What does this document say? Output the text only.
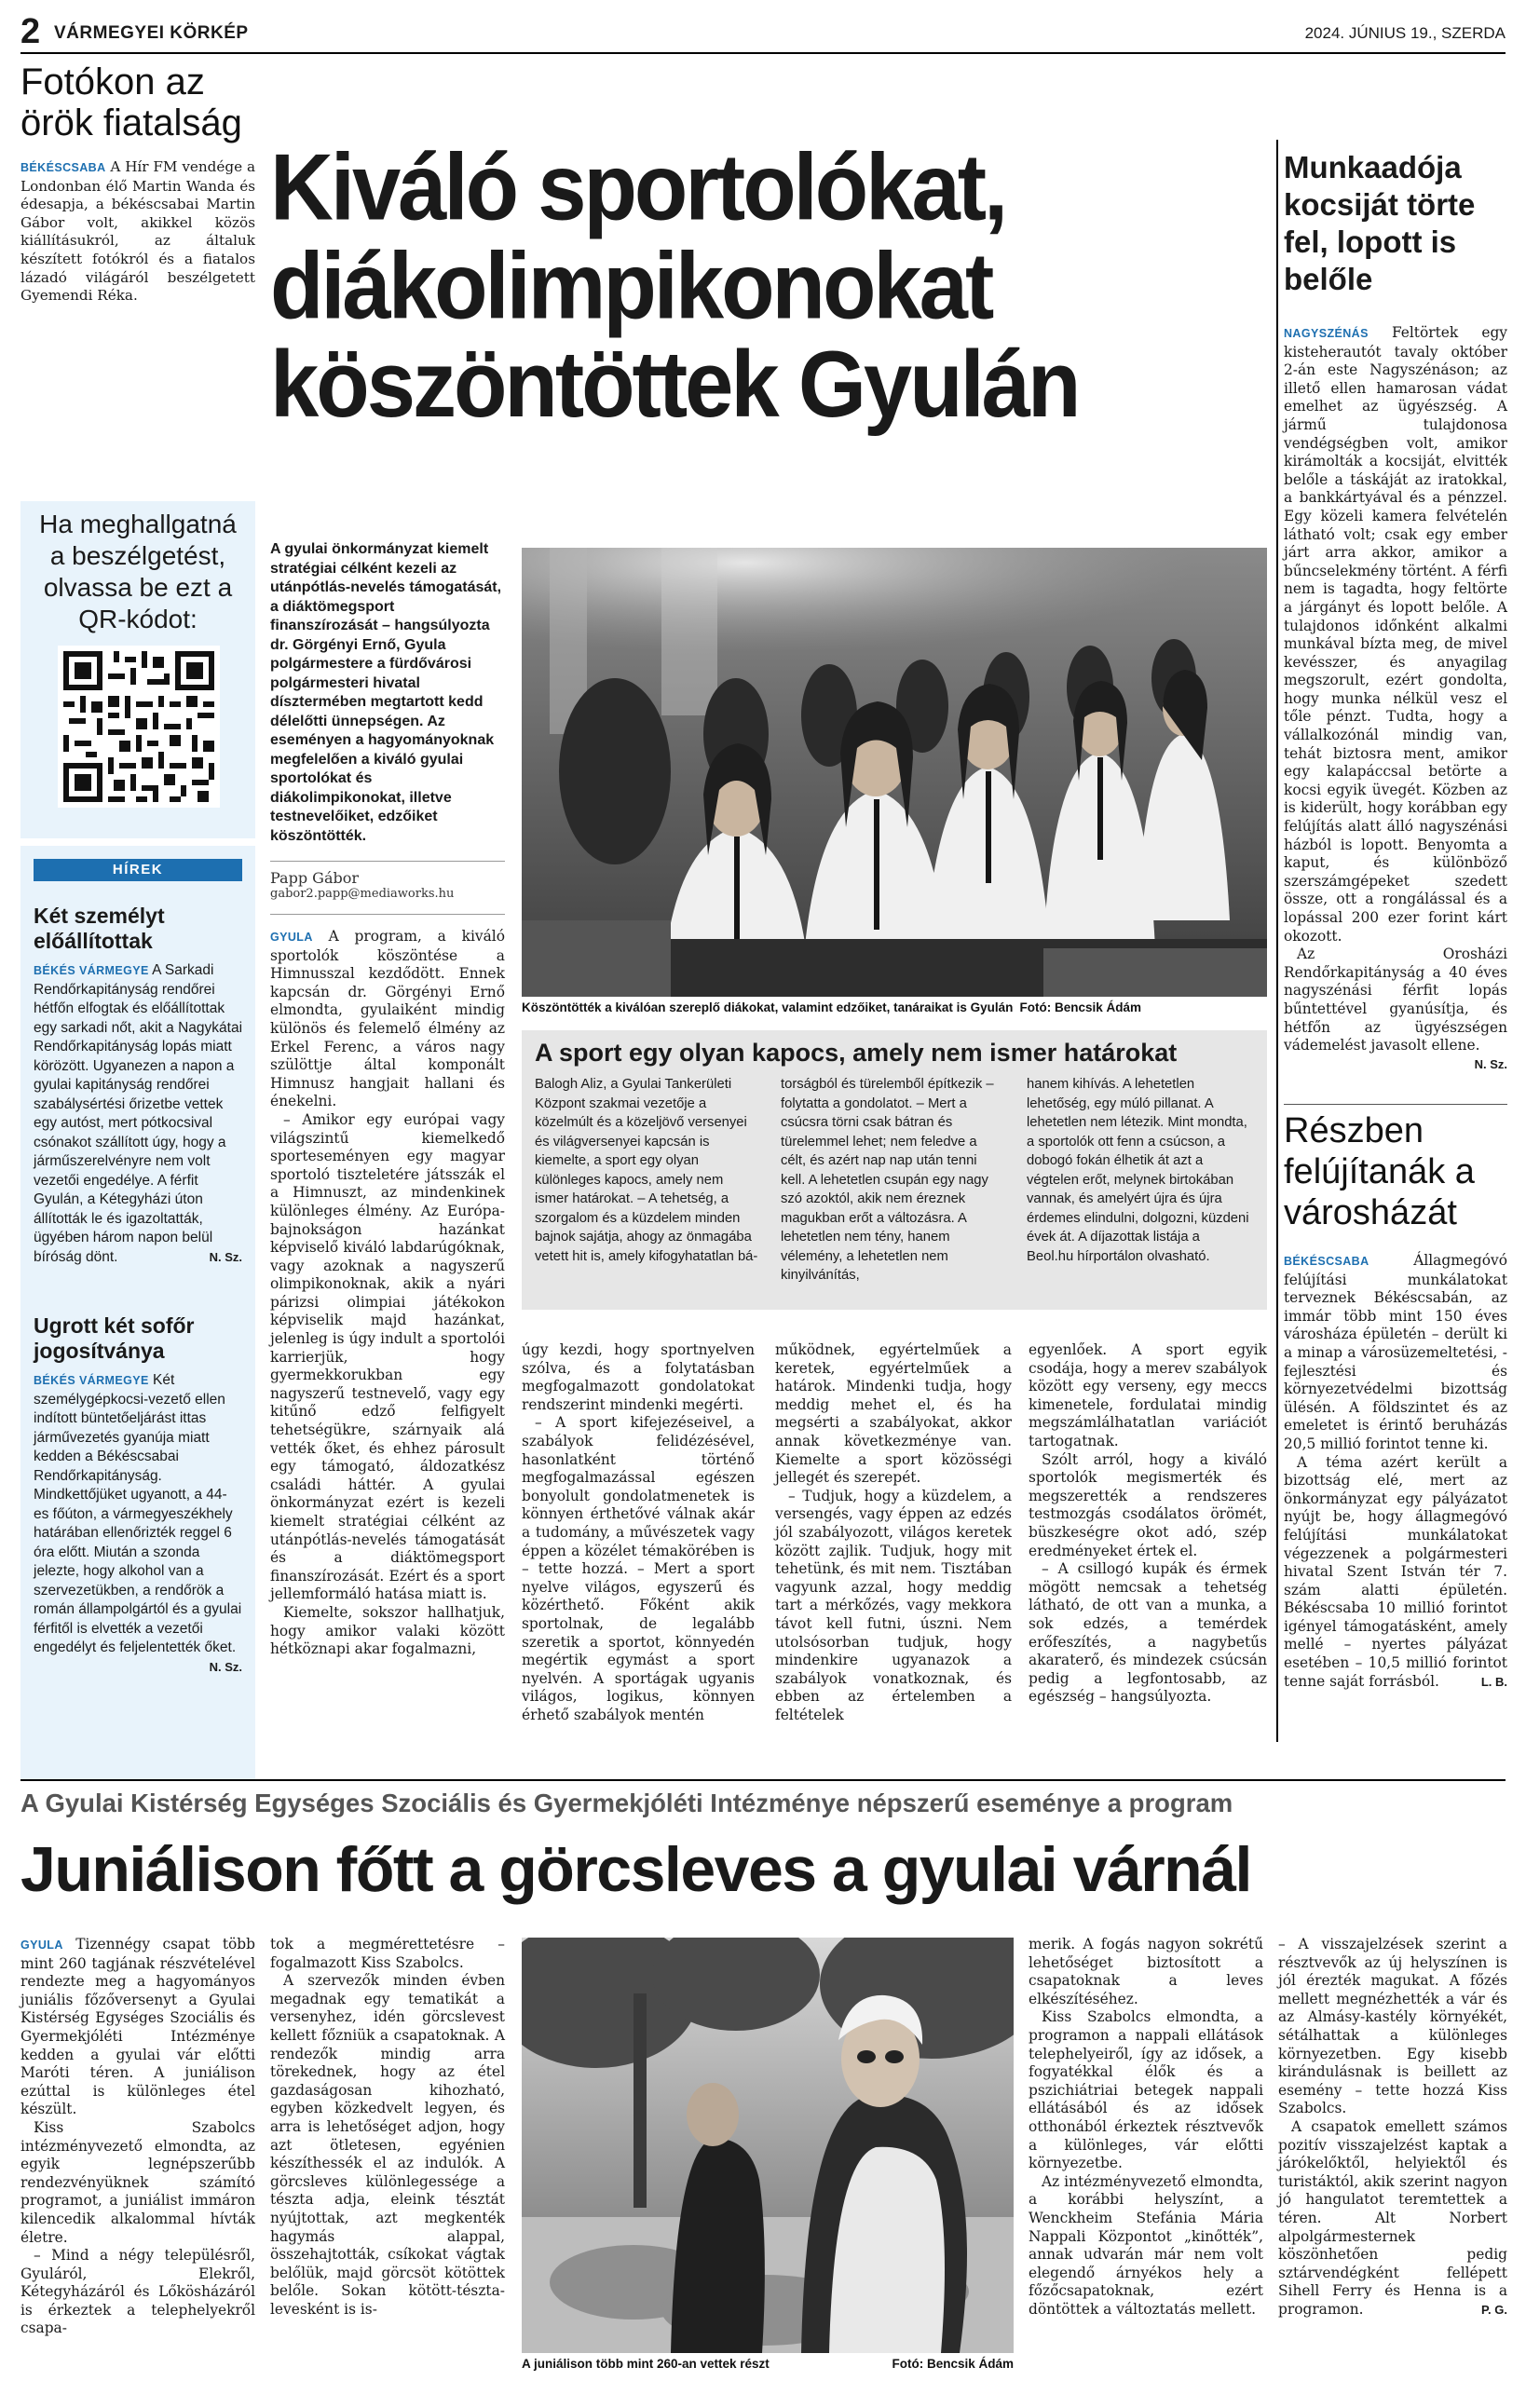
2 VÁRMEGYEI KÖRKÉP	2024. JÚNIUS 19., SZERDA
Fotókon az örök fiatalság

BÉKÉSCSABA A Hír FM vendége a Londonban élő Martin Wanda és édesapja, a békéscsabai Martin Gábor volt, akikkel közös kiállításukról, az általuk készített fotókról és a fiatalos lázadó világáról beszélgetett Gyemendi Réka.

Ha meghallgatná a beszélgetést, olvassa be ezt a QR-kódot:
HÍREK
Két személyt előállítottak

BÉKÉS VÁRMEGYE A Sarkadi Rendőrkapitányság rendőrei hétfőn elfogtak és előállítottak egy sarkadi nőt, akit a Nagykátai Rendőrkapitányság lopás miatt körözött. Ugyanezen a napon a gyulai kapitányság rendőrei szabálysértési őrizetbe vettek egy autóst, mert pótkocsival csónakot szállított úgy, hogy a járműszerelvényre nem volt vezetői engedélye. A férfit Gyulán, a Kétegyházi úton állították le és igazoltatták, ügyében három napon belül bíróság dönt.	N. Sz.

Ugrott két sofőr jogosítványa

BÉKÉS VÁRMEGYE Két személygépkocsi-vezető ellen indított büntetőeljárást ittas járművezetés gyanúja miatt kedden a Békéscsabai Rendőrkapitányság. Mindkettőjüket ugyanott, a 44-es főúton, a vármegyeszékhely határában ellenőrizték reggel 6 óra előtt. Miután a szonda jelezte, hogy alkohol van a szervezetükben, a rendőrök a román állampolgártól és a gyulai férfitől is elvették a vezetői engedélyt és feljelentették őket.
N. Sz.

Kiváló sportolókat, diákolimpikonokat köszöntöttek Gyulán

A gyulai önkormányzat kiemelt stratégiai célként kezeli az utánpótlás-nevelés támogatását, a diáktömegsport finanszírozását – hangsúlyozta dr. Görgényi Ernő, Gyula polgármestere a fürdővárosi polgármesteri hivatal dísztermében megtartott kedd délelőtti ünnepségen. Az eseményen a hagyományoknak megfelelően a kiváló gyulai sportolókat és diákolimpikonokat, illetve testnevelőiket, edzőiket köszöntötték.

Papp Gábor
gabor2.papp@mediaworks.hu

GYULA A program, a kiváló sportolók köszöntése a Himnusszal kezdődött. Ennek kapcsán dr. Görgényi Ernő elmondta, gyulaiként mindig különös és felemelő élmény az Erkel Ferenc, a város nagy szülöttje által komponált Himnusz hangjait hallani és énekelni.

– Amikor egy európai vagy világszintű kiemelkedő sporteseményen egy magyar sportoló tiszteletére játsszák el a Himnuszt, az mindenkinek különleges élmény. Az Európa-bajnokságon hazánkat képviselő kiváló labdarúgóknak, vagy azoknak a nagyszerű olimpikonoknak, akik a nyári párizsi olimpiai játékokon képviselik majd hazánkat, jelenleg is úgy indult a sportolói karrierjük, hogy gyermekkorukban egy nagyszerű testnevelő, vagy egy kitűnő edző felfigyelt tehetségükre, szárnyaik alá vették őket, és ehhez párosult egy támogató, áldozatkész családi háttér. A gyulai önkormányzat ezért is kezeli kiemelt stratégiai célként az utánpótlás-nevelés támogatását és a diáktömegsport finanszírozását. Ezért és a sport jellemformáló hatása miatt is.

Kiemelte, sokszor hallhatjuk, hogy amikor valaki között hétköznapi akar fogalmazni,

Köszöntötték a kiválóan szereplő diákokat, valamint edzőiket, tanáraikat is Gyulán Fotó: Bencsik Ádám
A sport egy olyan kapocs, amely nem ismer határokat

Balogh Aliz, a Gyulai Tankerületi Központ szakmai vezetője a közelmúlt és a közeljövő versenyei és világversenyei kapcsán is kiemelte, a sport egy olyan különleges kapocs, amely nem ismer határokat. – A tehetség, a szorgalom és a küzdelem minden bajnok sajátja, ahogy az önmagába vetett hit is, amely kifogyhatatlan bá-

torságból és türelemből építkezik – folytatta a gondolatot. – Mert a csúcsra törni csak bátran és türelemmel lehet; nem feledve a célt, és azért nap nap után tenni kell. A lehetetlen csupán egy nagy szó azoktól, akik nem éreznek magukban erőt a változásra. A lehetetlen nem tény, hanem vélemény, a lehetetlen nem kinyilvánítás,

hanem kihívás. A lehetetlen lehetőség, egy múló pillanat. A lehetetlen nem létezik. Mint mondta, a sportolók ott fenn a csúcson, a dobogó fokán élhetik át azt a végtelen erőt, melynek birtokában vannak, és amelyért újra és újra érdemes elindulni, dolgozni, küzdeni évek át. A díjazottak listája a Beol.hu hírportálon olvasható.

úgy kezdi, hogy sportnyelven szólva, és a folytatásban megfogalmazott gondolatokat rendszerint mindenki megérti.

– A sport kifejezéseivel, a szabályok felidézésével, hasonlatként történő megfogalmazással egészen bonyolult gondolatmenetek is könnyen érthetővé válnak akár a tudomány, a művészetek vagy éppen a közélet témakörében is – tette hozzá. – Mert a sport nyelve világos, egyszerű és közérthető. Főként akik sportolnak, de legalább szeretik a sportot, könnyedén megértik egymást a sport nyelvén. A sportágak ugyanis világos, logikus, könnyen érhető szabályok mentén

működnek, egyértelműek a keretek, egyértelműek a határok. Mindenki tudja, hogy meddig mehet el, és ha megsérti a szabályokat, akkor annak következménye van. Kiemelte a sport közösségi jellegét és szerepét.

– Tudjuk, hogy a küzdelem, a versengés, vagy éppen az edzés jól szabályozott, világos keretek között zajlik. Tudjuk, hogy mit tehetünk, és mit nem. Tisztában vagyunk azzal, hogy meddig tart a mérkőzés, vagy mekkora távot kell futni, úszni. Nem utolsósorban tudjuk, hogy mindenkire ugyanazok a szabályok vonatkoznak, és ebben az értelemben a feltételek

egyenlőek. A sport egyik csodája, hogy a merev szabályok között egy verseny, egy meccs kimenetele, fordulatai mindig megszámlálhatatlan variációt tartogatnak.

Szólt arról, hogy a kiváló sportolók megismerték és megszerették a rendszeres testmozgás csodálatos örömét, büszkeségre okot adó, szép eredményeket értek el.

– A csillogó kupák és érmek mögött nemcsak a tehetség látható, de ott van a munka, a sok edzés, a temérdek erőfeszítés, a nagybetűs akaraterő, és mindezek csúcsán pedig a legfontosabb, az egészség – hangsúlyozta.

Munkaadója kocsiját törte fel, lopott is belőle

NAGYSZÉNÁS Feltörtek egy kisteherautót tavaly október 2-án este Nagyszénáson; az illető ellen hamarosan vádat emelhet az ügyészség. A jármű tulajdonosa vendégségben volt, amikor kirámolták a kocsiját, elvitték belőle a táskáját az iratokkal, a bankkártyával és a pénzzel. Egy közeli kamera felvételén látható volt; csak egy ember járt arra akkor, amikor a bűncselekmény történt. A férfi nem is tagadta, hogy feltörte a járgányt és lopott belőle. A tulajdonos időnként alkalmi munkával bízta meg, de mivel kevésszer, és anyagilag megszorult, ezért gondolta, hogy munka nélkül vesz el tőle pénzt. Tudta, hogy a vállalkozónál mindig van, tehát biztosra ment, amikor egy kalapáccsal betörte a kocsi egyik üvegét. Közben az is kiderült, hogy korábban egy felújítás alatt álló nagyszénási házból is lopott. Benyomta a kaput, és különböző szerszámgépeket szedett össze, ott a rongálással és a lopással 200 ezer forint kárt okozott.

Az Orosházi Rendőrkapitányság a 40 éves nagyszénási férfit lopás bűntettével gyanúsítja, és hétfőn az ügyészségen vádemelést javasolt ellene.
N. Sz.

Részben felújítanák a városházát

BÉKÉSCSABA	Állagmegóvó felújítási munkálatokat terveznek Békéscsabán, az immár több mint 150 éves városháza épületén – derült ki a minap a városüzemeltetési, -fejlesztési és környezetvédelmi bizottság ülésén. A földszintet és az emeletet is érintő beruházás 20,5 millió forintot tenne ki.

A téma azért került a bizottság elé, mert az önkormányzat egy pályázatot nyújt be, hogy állagmegóvó felújítási munkálatokat végezzenek a polgármesteri hivatal Szent István tér 7. szám alatti épületén. Békéscsaba 10 millió forintot igényel támogatásként, amely mellé – nyertes pályázat esetében – 10,5 millió forintot tenne saját forrásból.	L. B.

A Gyulai Kistérség Egységes Szociális és Gyermekjóléti Intézménye népszerű eseménye a program
Juniálison főtt a görcsleves a gyulai várnál

GYULA Tizennégy csapat több mint 260 tagjának részvételével rendezte meg a hagyományos juniális főzőversenyt a Gyulai Kistérség Egységes Szociális és Gyermekjóléti Intézménye kedden a gyulai vár előtti Maróti téren. A juniálison ezúttal is különleges étel készült.

Kiss Szabolcs intézményvezető elmondta, az egyik legnépszerűbb rendezvényüknek számító programot, a juniálist immáron kilencedik alkalommal hívták életre.

– Mind a négy településről, Gyuláról, Elekről, Kétegyházáról és Lőkösházáról is érkeztek a telephelyekről csapa-

tok a megmérettetésre – fogalmazott Kiss Szabolcs.

A szervezők minden évben megadnak egy tematikát a versenyhez, idén görcslevest kellett főzniük a csapatoknak. A rendezők mindig arra törekednek, hogy az étel gazdaságosan kihozható, egyben közkedvelt legyen, és arra is lehetőséget adjon, hogy azt ötletesen, egyénien készíthessék el az indulók. A görcsleves különlegessége a tészta adja, eleink tésztát nyújtottak, azt megkenték hagymás alappal, összehajtották, csíkokat vágtak belőlük, majd görcsöt kötöttek belőle. Sokan kötött-tészta-levesként is is-

A juniálison több mint 260-an vettek részt	Fotó: Bencsik Ádám

merik. A fogás nagyon sokrétű lehetőséget biztosított a csapatoknak a leves elkészítéséhez.

Kiss Szabolcs elmondta, a programon a nappali ellátások telephelyeiről, így az idősek, a fogyatékkal élők és a pszichiátriai betegek nappali ellátásából és az idősek otthonából érkeztek résztvevők a különleges, vár előtti környezetbe.

Az intézményvezető elmondta, a korábbi helyszínt, a Wenckheim Stefánia Mária Nappali Központot „kinőtték”, annak udvarán már nem volt elegendő árnyékos hely a főzőcsapatoknak, ezért döntöttek a változtatás mellett.

– A visszajelzések szerint a résztvevők az új helyszínen is jól érezték magukat. A főzés mellett megnézhették a vár és az Almásy-kastély környékét, sétálhattak a különleges környezetben. Egy kisebb kirándulásnak is beillett az esemény – tette hozzá Kiss Szabolcs.

A csapatok emellett számos pozitív visszajelzést kaptak a járókelőktől, helyiektől és turistáktól, akik szerint nagyon jó hangulatot teremtettek a téren. Alt Norbert alpolgármesternek köszönhetően pedig sztárvendégként fellépett Sihell Ferry és Henna is a programon.	P. G.
